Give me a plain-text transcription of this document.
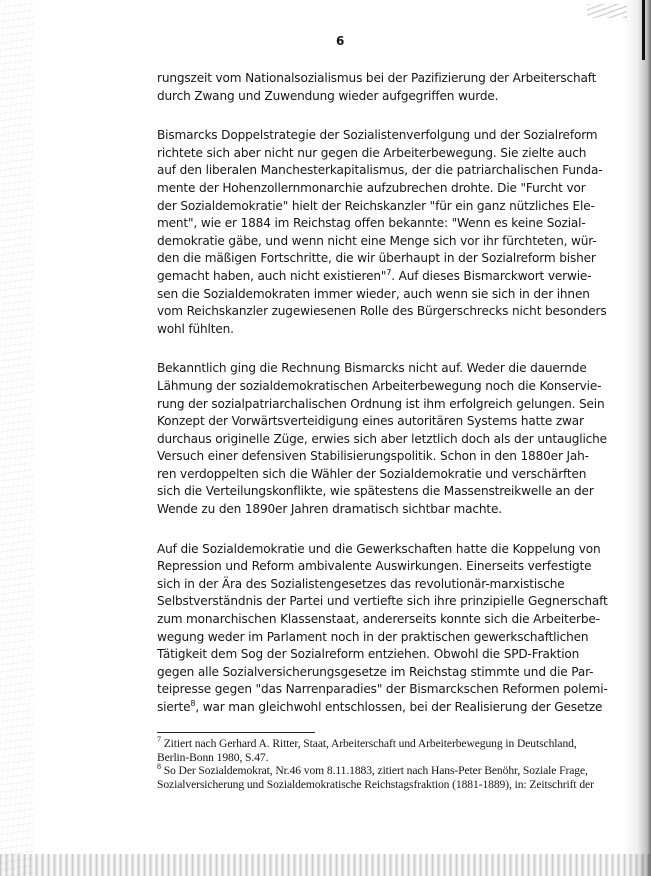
6
rungszeit vom Nationalsozialismus bei der Pazifizierung der Arbeiterschaft
durch Zwang und Zuwendung wieder aufgegriffen wurde.
Bismarcks Doppelstrategie der Sozialistenverfolgung und der Sozialreform
richtete sich aber nicht nur gegen die Arbeiterbewegung. Sie zielte auch
auf den liberalen Manchesterkapitalismus, der die patriarchalischen Funda-
mente der Hohenzollernmonarchie aufzubrechen drohte. Die "Furcht vor
der Sozialdemokratie" hielt der Reichskanzler "für ein ganz nützliches Ele-
ment", wie er 1884 im Reichstag offen bekannte: "Wenn es keine Sozial-
demokratie gäbe, und wenn nicht eine Menge sich vor ihr fürchteten, wür-
den die mäßigen Fortschritte, die wir überhaupt in der Sozialreform bisher
gemacht haben, auch nicht existieren"$^7$. Auf dieses Bismarckwort verwie-
sen die Sozialdemokraten immer wieder, auch wenn sie sich in der ihnen
vom Reichskanzler zugewiesenen Rolle des Bürgerschrecks nicht besonders
wohl fühlten.
Bekanntlich ging die Rechnung Bismarcks nicht auf. Weder die dauernde
Lähmung der sozialdemokratischen Arbeiterbewegung noch die Konservie-
rung der sozialpatriarchalischen Ordnung ist ihm erfolgreich gelungen. Sein
Konzept der Vorwärtsverteidigung eines autoritären Systems hatte zwar
durchaus originelle Züge, erwies sich aber letztlich doch als der untaugliche
Versuch einer defensiven Stabilisierungspolitik. Schon in den 1880er Jah-
ren verdoppelten sich die Wähler der Sozialdemokratie und verschärften
sich die Verteilungskonflikte, wie spätestens die Massenstreikwelle an der
Wende zu den 1890er Jahren dramatisch sichtbar machte.
Auf die Sozialdemokratie und die Gewerkschaften hatte die Koppelung von
Repression und Reform ambivalente Auswirkungen. Einerseits verfestigte
sich in der Ära des Sozialistengesetzes das revolutionär-marxistische
Selbstverständnis der Partei und vertiefte sich ihre prinzipielle Gegnerschaft
zum monarchischen Klassenstaat, andererseits konnte sich die Arbeiterbe-
wegung weder im Parlament noch in der praktischen gewerkschaftlichen
Tätigkeit dem Sog der Sozialreform entziehen. Obwohl die SPD-Fraktion
gegen alle Sozialversicherungsgesetze im Reichstag stimmte und die Par-
teipresse gegen "das Narrenparadies" der Bismarckschen Reformen polemi-
sierte$^8$, war man gleichwohl entschlossen, bei der Realisierung der Gesetze
$^7$ Zitiert nach Gerhard A. Ritter, Staat, Arbeiterschaft und Arbeiterbewegung in Deutschland,
Berlin-Bonn 1980, S.47.
$^8$ So Der Sozialdemokrat, Nr.46 vom 8.11.1883, zitiert nach Hans-Peter Benöhr, Soziale Frage,
Sozialversicherung und Sozialdemokratische Reichstagsfraktion (1881-1889), in: Zeitschrift der
